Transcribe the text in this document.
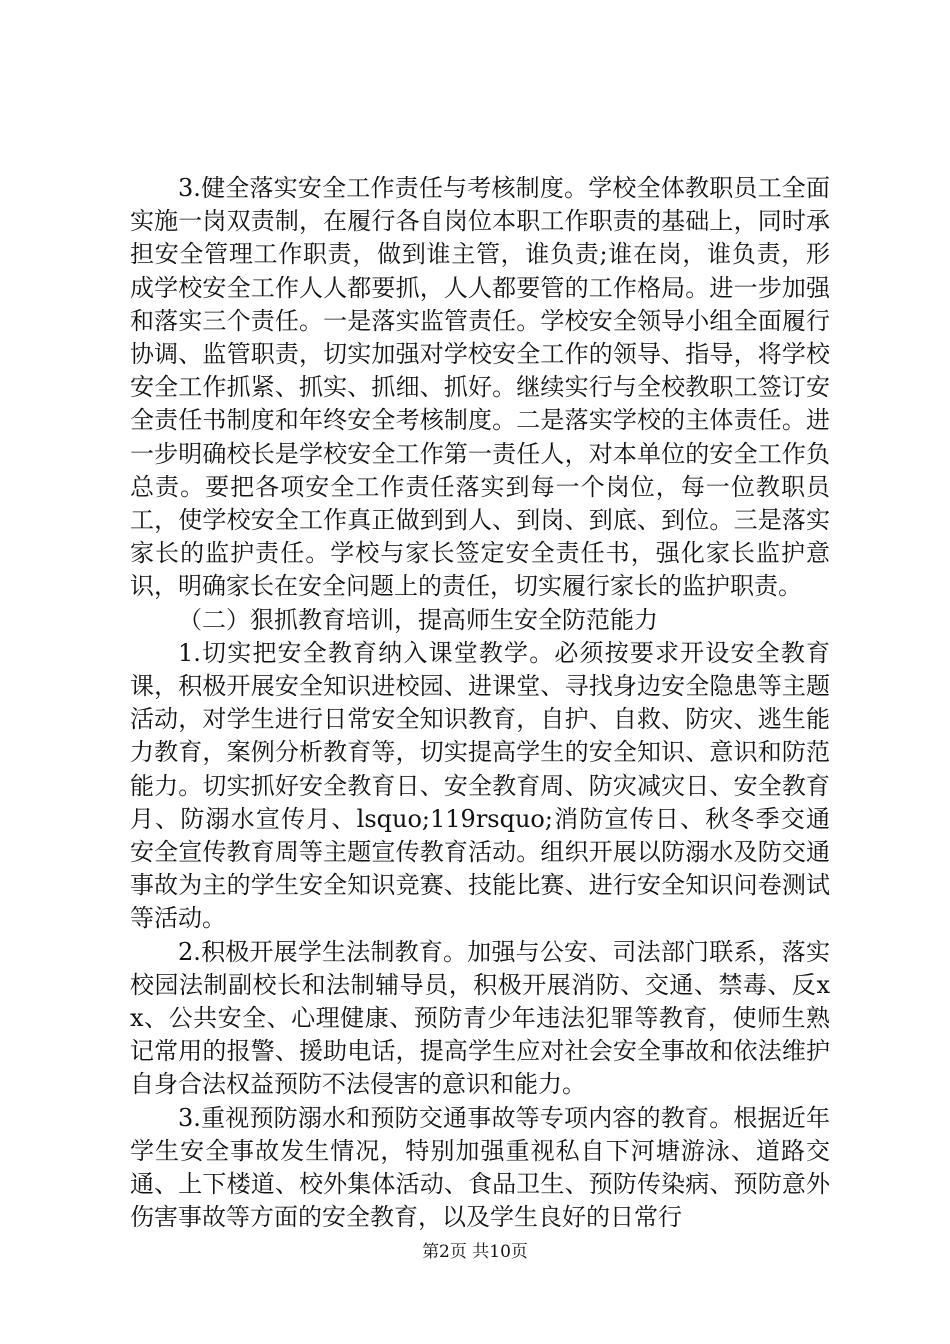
3.健全落实安全工作责任与考核制度。学校全体教职员工全面实施一岗双责制，在履行各自岗位本职工作职责的基础上，同时承担安全管理工作职责，做到谁主管，谁负责;谁在岗，谁负责，形成学校安全工作人人都要抓，人人都要管的工作格局。进一步加强和落实三个责任。一是落实监管责任。学校安全领导小组全面履行协调、监管职责，切实加强对学校安全工作的领导、指导，将学校安全工作抓紧、抓实、抓细、抓好。继续实行与全校教职工签订安全责任书制度和年终安全考核制度。二是落实学校的主体责任。进一步明确校长是学校安全工作第一责任人，对本单位的安全工作负总责。要把各项安全工作责任落实到每一个岗位，每一位教职员工，使学校安全工作真正做到到人、到岗、到底、到位。三是落实家长的监护责任。学校与家长签定安全责任书，强化家长监护意识，明确家长在安全问题上的责任，切实履行家长的监护职责。

（二）狠抓教育培训，提高师生安全防范能力

1.切实把安全教育纳入课堂教学。必须按要求开设安全教育课，积极开展安全知识进校园、进课堂、寻找身边安全隐患等主题活动，对学生进行日常安全知识教育，自护、自救、防灾、逃生能力教育，案例分析教育等，切实提高学生的安全知识、意识和防范能力。切实抓好安全教育日、安全教育周、防灾减灾日、安全教育月、防溺水宣传月、lsquo;119rsquo;消防宣传日、秋冬季交通安全宣传教育周等主题宣传教育活动。组织开展以防溺水及防交通事故为主的学生安全知识竞赛、技能比赛、进行安全知识问卷测试等活动。

2.积极开展学生法制教育。加强与公安、司法部门联系，落实校园法制副校长和法制辅导员，积极开展消防、交通、禁毒、反xx、公共安全、心理健康、预防青少年违法犯罪等教育，使师生熟记常用的报警、援助电话，提高学生应对社会安全事故和依法维护自身合法权益预防不法侵害的意识和能力。

3.重视预防溺水和预防交通事故等专项内容的教育。根据近年学生安全事故发生情况，特别加强重视私自下河塘游泳、道路交通、上下楼道、校外集体活动、食品卫生、预防传染病、预防意外伤害事故等方面的安全教育，以及学生良好的日常行

第2页 共10页
